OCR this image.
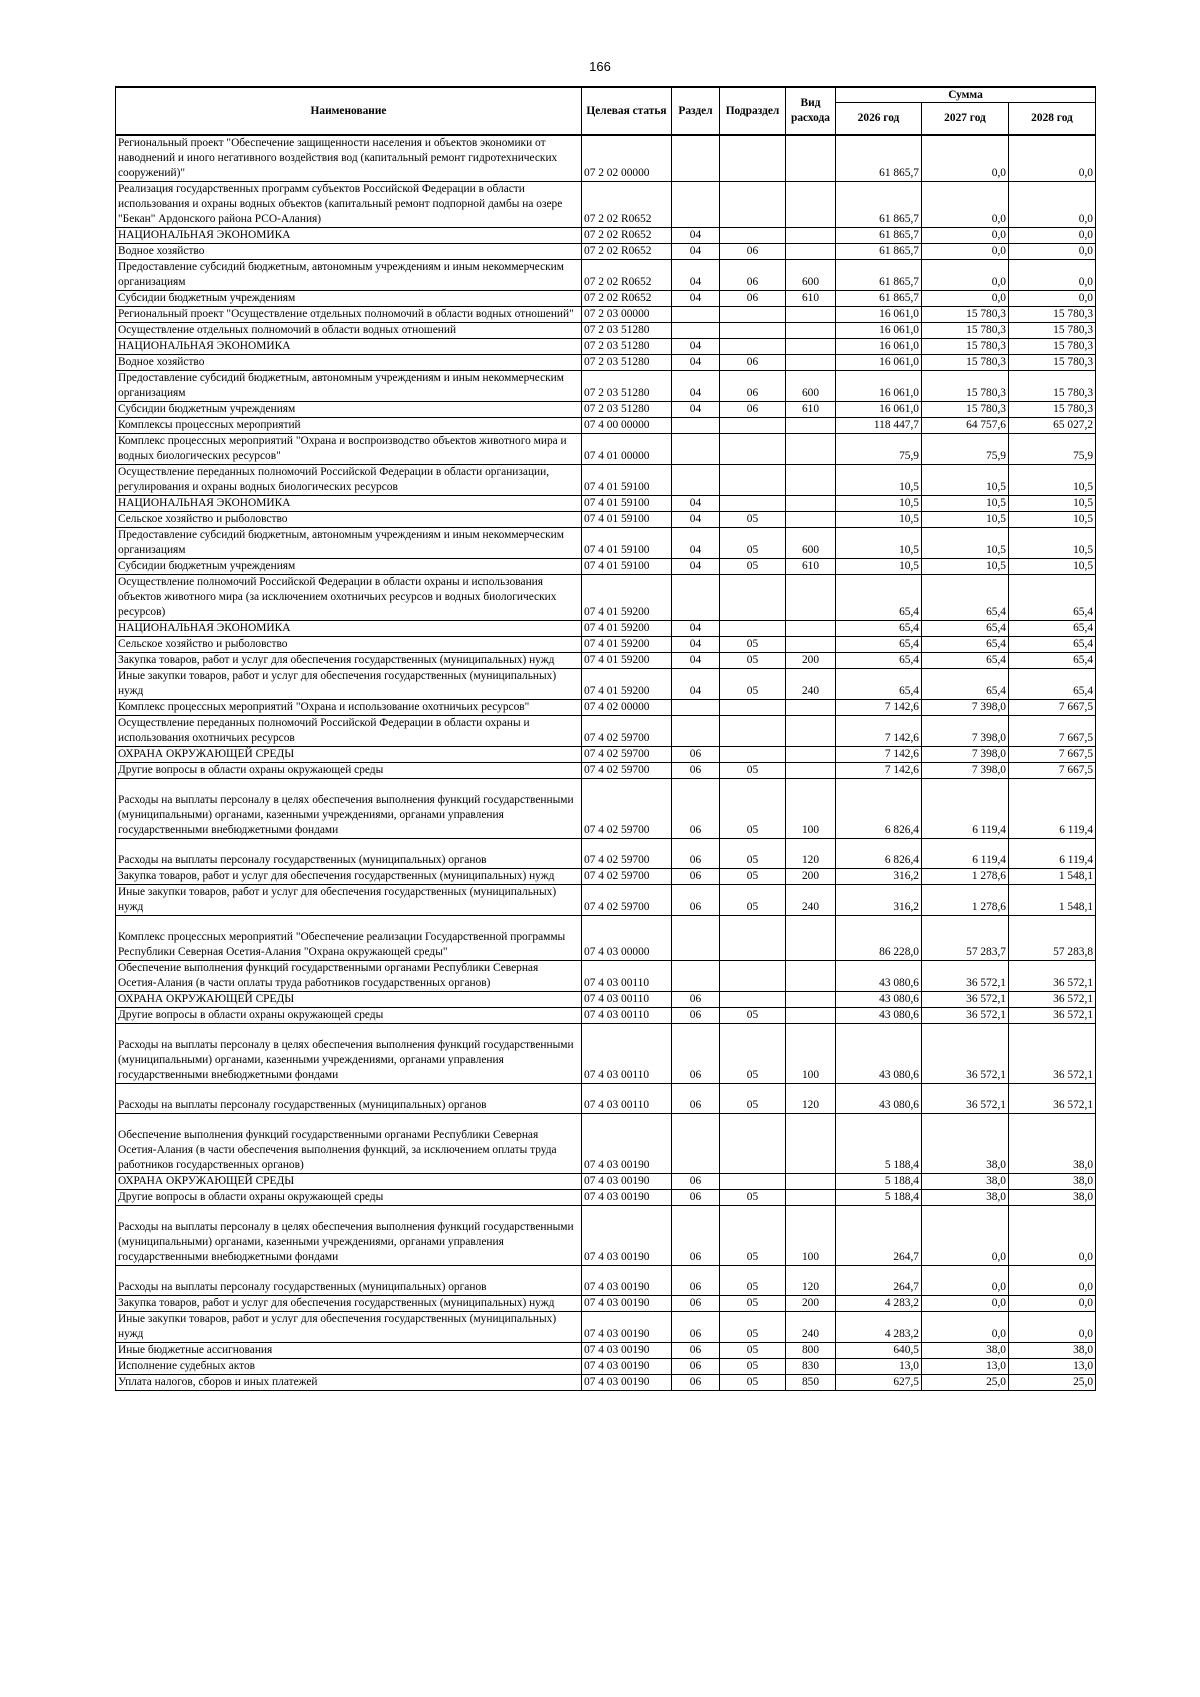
166
Наименование	Целевая статья	Раздел	Подраздел	Вид расхода	Сумма		
					2026 год	2027 год	2028 год
Региональный проект "Обеспечение защищенности населения и объектов экономики от наводнений и иного негативного воздействия вод (капитальный ремонт гидротехнических сооружений)"	07 2 02 00000				61 865,7	0,0	0,0
Реализация государственных программ субъектов Российской Федерации в области использования и охраны водных объектов (капитальный ремонт подпорной дамбы на озере "Бекан" Ардонского района РСО-Алания)	07 2 02 R0652				61 865,7	0,0	0,0
НАЦИОНАЛЬНАЯ ЭКОНОМИКА	07 2 02 R0652	04			61 865,7	0,0	0,0
Водное хозяйство	07 2 02 R0652	04	06		61 865,7	0,0	0,0
Предоставление субсидий бюджетным, автономным учреждениям и иным некоммерческим организациям	07 2 02 R0652	04	06	600	61 865,7	0,0	0,0
Субсидии бюджетным учреждениям	07 2 02 R0652	04	06	610	61 865,7	0,0	0,0
Региональный проект "Осуществление отдельных полномочий в области водных отношений"	07 2 03 00000				16 061,0	15 780,3	15 780,3
Осуществление отдельных полномочий в области водных отношений	07 2 03 51280				16 061,0	15 780,3	15 780,3
НАЦИОНАЛЬНАЯ ЭКОНОМИКА	07 2 03 51280	04			16 061,0	15 780,3	15 780,3
Водное хозяйство	07 2 03 51280	04	06		16 061,0	15 780,3	15 780,3
Предоставление субсидий бюджетным, автономным учреждениям и иным некоммерческим организациям	07 2 03 51280	04	06	600	16 061,0	15 780,3	15 780,3
Субсидии бюджетным учреждениям	07 2 03 51280	04	06	610	16 061,0	15 780,3	15 780,3
Комплексы процессных мероприятий	07 4 00 00000				118 447,7	64 757,6	65 027,2
Комплекс процессных мероприятий "Охрана и воспроизводство объектов животного мира и водных биологических ресурсов"	07 4 01 00000				75,9	75,9	75,9
Осуществление переданных полномочий Российской Федерации в области организации, регулирования и охраны водных биологических ресурсов	07 4 01 59100				10,5	10,5	10,5
НАЦИОНАЛЬНАЯ ЭКОНОМИКА	07 4 01 59100	04			10,5	10,5	10,5
Сельское хозяйство и рыболовство	07 4 01 59100	04	05		10,5	10,5	10,5
Предоставление субсидий бюджетным, автономным учреждениям и иным некоммерческим организациям	07 4 01 59100	04	05	600	10,5	10,5	10,5
Субсидии бюджетным учреждениям	07 4 01 59100	04	05	610	10,5	10,5	10,5
Осуществление полномочий Российской Федерации в области охраны и использования объектов животного мира (за исключением охотничьих ресурсов и водных биологических ресурсов)	07 4 01 59200				65,4	65,4	65,4
НАЦИОНАЛЬНАЯ ЭКОНОМИКА	07 4 01 59200	04			65,4	65,4	65,4
Сельское хозяйство и рыболовство	07 4 01 59200	04	05		65,4	65,4	65,4
Закупка товаров, работ и услуг для обеспечения государственных (муниципальных) нужд	07 4 01 59200	04	05	200	65,4	65,4	65,4
Иные закупки товаров, работ и услуг для обеспечения государственных (муниципальных) нужд	07 4 01 59200	04	05	240	65,4	65,4	65,4
Комплекс процессных мероприятий "Охрана и использование охотничьих ресурсов"	07 4 02 00000				7 142,6	7 398,0	7 667,5
Осуществление переданных полномочий Российской Федерации в области охраны и использования охотничьих ресурсов	07 4 02 59700				7 142,6	7 398,0	7 667,5
ОХРАНА ОКРУЖАЮЩЕЙ СРЕДЫ	07 4 02 59700	06			7 142,6	7 398,0	7 667,5
Другие вопросы в области охраны окружающей среды	07 4 02 59700	06	05		7 142,6	7 398,0	7 667,5
Расходы на выплаты персоналу в целях обеспечения выполнения функций государственными (муниципальными) органами, казенными учреждениями, органами управления государственными внебюджетными фондами	07 4 02 59700	06	05	100	6 826,4	6 119,4	6 119,4
Расходы на выплаты персоналу государственных (муниципальных) органов	07 4 02 59700	06	05	120	6 826,4	6 119,4	6 119,4
Закупка товаров, работ и услуг для обеспечения государственных (муниципальных) нужд	07 4 02 59700	06	05	200	316,2	1 278,6	1 548,1
Иные закупки товаров, работ и услуг для обеспечения государственных (муниципальных) нужд	07 4 02 59700	06	05	240	316,2	1 278,6	1 548,1
Комплекс процессных мероприятий "Обеспечение реализации Государственной программы Республики Северная Осетия-Алания "Охрана окружающей среды"	07 4 03 00000				86 228,0	57 283,7	57 283,8
Обеспечение выполнения функций государственными органами Республики Северная Осетия-Алания (в части оплаты труда работников государственных органов)	07 4 03 00110				43 080,6	36 572,1	36 572,1
ОХРАНА ОКРУЖАЮЩЕЙ СРЕДЫ	07 4 03 00110	06			43 080,6	36 572,1	36 572,1
Другие вопросы в области охраны окружающей среды	07 4 03 00110	06	05		43 080,6	36 572,1	36 572,1
Расходы на выплаты персоналу в целях обеспечения выполнения функций государственными (муниципальными) органами, казенными учреждениями, органами управления государственными внебюджетными фондами	07 4 03 00110	06	05	100	43 080,6	36 572,1	36 572,1
Расходы на выплаты персоналу государственных (муниципальных) органов	07 4 03 00110	06	05	120	43 080,6	36 572,1	36 572,1
Обеспечение выполнения функций государственными органами Республики Северная Осетия-Алания (в части обеспечения выполнения функций, за исключением оплаты труда работников государственных органов)	07 4 03 00190				5 188,4	38,0	38,0
ОХРАНА ОКРУЖАЮЩЕЙ СРЕДЫ	07 4 03 00190	06			5 188,4	38,0	38,0
Другие вопросы в области охраны окружающей среды	07 4 03 00190	06	05		5 188,4	38,0	38,0
Расходы на выплаты персоналу в целях обеспечения выполнения функций государственными (муниципальными) органами, казенными учреждениями, органами управления государственными внебюджетными фондами	07 4 03 00190	06	05	100	264,7	0,0	0,0
Расходы на выплаты персоналу государственных (муниципальных) органов	07 4 03 00190	06	05	120	264,7	0,0	0,0
Закупка товаров, работ и услуг для обеспечения государственных (муниципальных) нужд	07 4 03 00190	06	05	200	4 283,2	0,0	0,0
Иные закупки товаров, работ и услуг для обеспечения государственных (муниципальных) нужд	07 4 03 00190	06	05	240	4 283,2	0,0	0,0
Иные бюджетные ассигнования	07 4 03 00190	06	05	800	640,5	38,0	38,0
Исполнение судебных актов	07 4 03 00190	06	05	830	13,0	13,0	13,0
Уплата налогов, сборов и иных платежей	07 4 03 00190	06	05	850	627,5	25,0	25,0
